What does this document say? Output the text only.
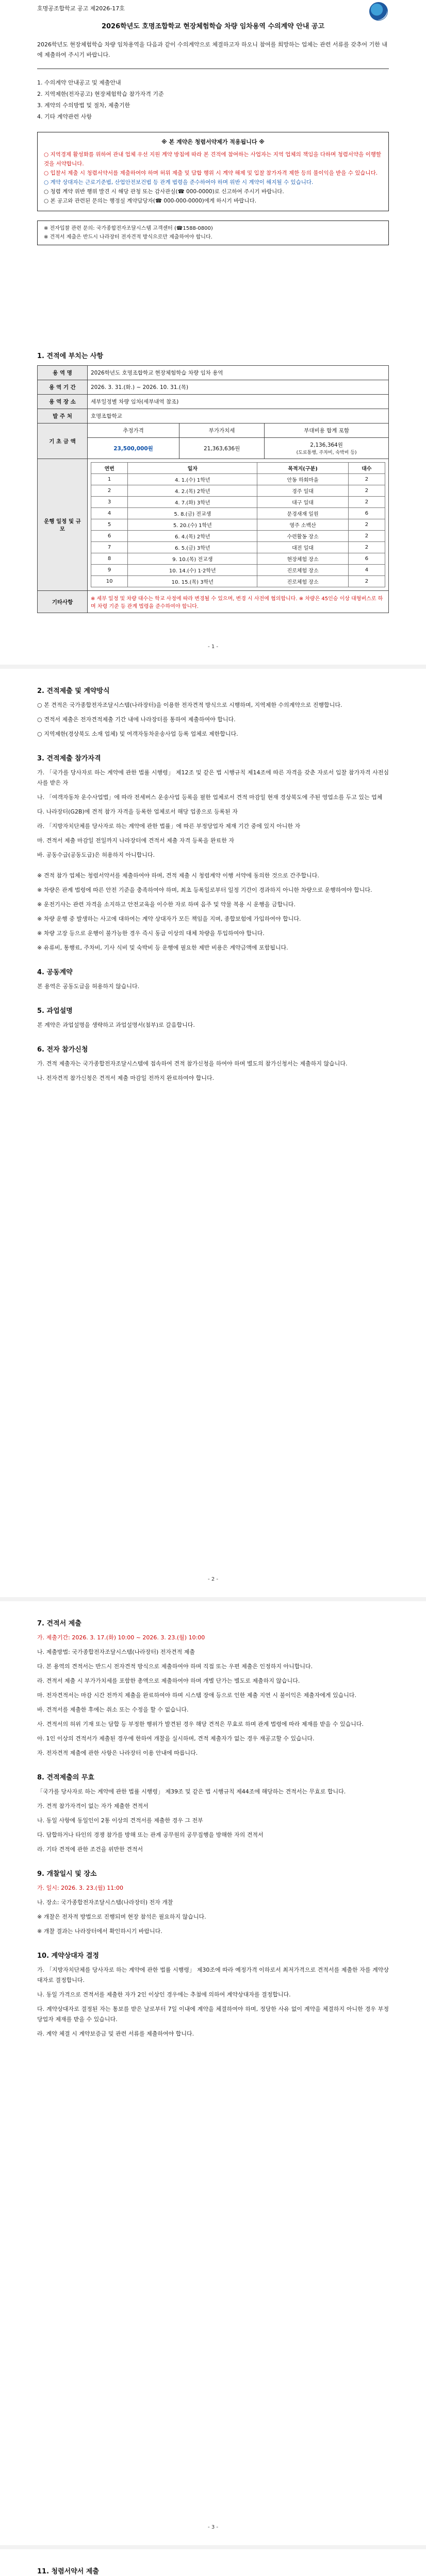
호명공조합학교 공고 제2026-17호
2026학년도 호명조합학교 현장체험학습 차량 임차용역 수의계약 안내 공고
2026학년도 현장체험학습 차량 임차용역을 다음과 같이 수의계약으로 체결하고자 하오니 참여를 희망하는 업체는 관련 서류를 갖추어 기한 내에 제출하여 주시기 바랍니다.
1. 수의계약 안내공고 및 제출안내
2. 지역제한(전자공고) 현장체험학습 참가자격 기준
3. 계약의 수의방법 및 절차, 제출기한
4. 기타 계약관련 사항
※ 본 계약은 청렴서약제가 적용됩니다 ※
○ 지역경제 활성화를 위하여 관내 업체 우선 지원 계약 방침에 따라 본 견적에 참여하는 사업자는 지역 업체의 책임을 다하며 청렴서약을 이행할 것을 서약합니다.
○ 입찰서 제출 시 청렴서약서를 제출하여야 하며 허위 제출 및 담합 행위 시 계약 해제 및 입찰 참가자격 제한 등의 불이익을 받을 수 있습니다.
○ 계약 상대자는 근로기준법, 산업안전보건법 등 관계 법령을 준수하여야 하며 위반 시 계약이 해지될 수 있습니다.
○ 청렴 계약 위반 행위 발견 시 해당 관청 또는 감사관실(☎ 000-0000)로 신고하여 주시기 바랍니다.
○ 본 공고와 관련된 문의는 행정실 계약담당자(☎ 000-000-0000)에게 하시기 바랍니다.
※ 전자입찰 관련 문의: 국가종합전자조달시스템 고객센터 (☎1588-0800)
※ 견적서 제출은 반드시 나라장터 전자견적 방식으로만 제출하여야 합니다.
1. 견적에 부치는 사항
용 역 명	2026학년도 호명조합학교 현장체험학습 차량 임차 용역
용 역 기 간	2026. 3. 31.(화.) ~ 2026. 10. 31.(목)
용 역 장 소	세부일정별 차량 임차(세부내역 참조)
발 주 처	호명조합학교
기 초 금 액	추정가격	부가가치세	부대비용 합계 포함
23,500,000원	21,363,636원	2,136,364원
(도로통행, 주차비, 숙박비 등)
운행 일정 및 규 모	
연번	일자	목적지(구분)	대수
1	4. 1.(수) 1학년	안동 하회마을	2
2	4. 2.(목) 2학년	경주 일대	2
3	4. 7.(화) 3학년	대구 일대	2
4	5. 8.(금) 전교생	문경새재 일원	6
5	5. 20.(수) 1학년	영주 소백산	2
6	6. 4.(목) 2학년	수련활동 장소	2
7	6. 5.(금) 3학년	대전 일대	2
8	9. 10.(목) 전교생	현장체험 장소	6
9	10. 14.(수) 1·2학년	진로체험 장소	4
10	10. 15.(목) 3학년	진로체험 장소	2

기타사항	※ 세부 일정 및 차량 대수는 학교 사정에 따라 변경될 수 있으며, 변경 시 사전에 협의합니다. ※ 차량은 45인승 이상 대형버스로 하며 차령 기준 등 관계 법령을 준수하여야 합니다.
- 1 -
2. 견적제출 및 계약방식

○ 본 견적은 국가종합전자조달시스템(나라장터)을 이용한 전자견적 방식으로 시행하며, 지역제한 수의계약으로 진행합니다.

○ 견적서 제출은 전자견적제출 기간 내에 나라장터를 통하여 제출하여야 합니다.

○ 지역제한(경상북도 소재 업체) 및 여객자동차운송사업 등록 업체로 제한합니다.

3. 견적제출 참가자격

가. 「국가를 당사자로 하는 계약에 관한 법률 시행령」 제12조 및 같은 법 시행규칙 제14조에 따른 자격을 갖춘 자로서 입찰 참가자격 사전심사를 받은 자

나. 「여객자동차 운수사업법」에 따라 전세버스 운송사업 등록을 필한 업체로서 견적 마감일 현재 경상북도에 주된 영업소를 두고 있는 업체

다. 나라장터(G2B)에 견적 참가 자격을 등록한 업체로서 해당 업종으로 등록된 자

라. 「지방자치단체를 당사자로 하는 계약에 관한 법률」에 따른 부정당업자 제재 기간 중에 있지 아니한 자

마. 견적서 제출 마감일 전일까지 나라장터에 견적서 제출 자격 등록을 완료한 자

바. 공동수급(공동도급)은 허용하지 아니합니다.

※ 견적 참가 업체는 청렴서약서를 제출하여야 하며, 견적 제출 시 청렴계약 이행 서약에 동의한 것으로 간주합니다.

※ 차량은 관계 법령에 따른 안전 기준을 충족하여야 하며, 최초 등록일로부터 일정 기간이 경과하지 아니한 차량으로 운행하여야 합니다.

※ 운전기사는 관련 자격을 소지하고 안전교육을 이수한 자로 하며 음주 및 약물 복용 시 운행을 금합니다.

※ 차량 운행 중 발생하는 사고에 대하여는 계약 상대자가 모든 책임을 지며, 종합보험에 가입하여야 합니다.

※ 차량 고장 등으로 운행이 불가능한 경우 즉시 동급 이상의 대체 차량을 투입하여야 합니다.

※ 유류비, 통행료, 주차비, 기사 식비 및 숙박비 등 운행에 필요한 제반 비용은 계약금액에 포함됩니다.

4. 공동계약
본 용역은 공동도급을 허용하지 않습니다.
5. 과업설명
본 계약은 과업설명을 생략하고 과업설명서(첨부)로 갈음합니다.
6. 전자 참가신청

가. 견적 제출자는 국가종합전자조달시스템에 접속하여 견적 참가신청을 하여야 하며 별도의 참가신청서는 제출하지 않습니다.

나. 전자견적 참가신청은 견적서 제출 마감일 전까지 완료하여야 합니다.

- 2 -
7. 견적서 제출

가. 제출기간: 2026. 3. 17.(화) 10:00 ~ 2026. 3. 23.(월) 10:00

나. 제출방법: 국가종합전자조달시스템(나라장터) 전자견적 제출

다. 본 용역의 견적서는 반드시 전자견적 방식으로 제출하여야 하며 직접 또는 우편 제출은 인정하지 아니합니다.

라. 견적서 제출 시 부가가치세를 포함한 총액으로 제출하여야 하며 개별 단가는 별도로 제출하지 않습니다.

마. 전자견적서는 마감 시간 전까지 제출을 완료하여야 하며 시스템 장애 등으로 인한 제출 지연 시 불이익은 제출자에게 있습니다.

바. 견적서를 제출한 후에는 취소 또는 수정을 할 수 없습니다.

사. 견적서의 허위 기재 또는 담합 등 부정한 행위가 발견된 경우 해당 견적은 무효로 하며 관계 법령에 따라 제재를 받을 수 있습니다.

아. 1인 이상의 견적서가 제출된 경우에 한하여 개찰을 실시하며, 견적 제출자가 없는 경우 재공고할 수 있습니다.

자. 전자견적 제출에 관한 사항은 나라장터 이용 안내에 따릅니다.

8. 견적제출의 무효

「국가를 당사자로 하는 계약에 관한 법률 시행령」 제39조 및 같은 법 시행규칙 제44조에 해당하는 견적서는 무효로 합니다.

가. 견적 참가자격이 없는 자가 제출한 견적서

나. 동일 사항에 동일인이 2통 이상의 견적서를 제출한 경우 그 전부

다. 담합하거나 타인의 경쟁 참가를 방해 또는 관계 공무원의 공무집행을 방해한 자의 견적서

라. 기타 견적에 관한 조건을 위반한 견적서

9. 개찰일시 및 장소

가. 일시: 2026. 3. 23.(월) 11:00

나. 장소: 국가종합전자조달시스템(나라장터) 전자 개찰

※ 개찰은 전자적 방법으로 진행되며 현장 참석은 필요하지 않습니다.

※ 개찰 결과는 나라장터에서 확인하시기 바랍니다.

10. 계약상대자 결정

가. 「지방자치단체를 당사자로 하는 계약에 관한 법률 시행령」 제30조에 따라 예정가격 이하로서 최저가격으로 견적서를 제출한 자를 계약상대자로 결정합니다.

나. 동일 가격으로 견적서를 제출한 자가 2인 이상인 경우에는 추첨에 의하여 계약상대자를 결정합니다.

다. 계약상대자로 결정된 자는 통보를 받은 날로부터 7일 이내에 계약을 체결하여야 하며, 정당한 사유 없이 계약을 체결하지 아니한 경우 부정당업자 제재를 받을 수 있습니다.

라. 계약 체결 시 계약보증금 및 관련 서류를 제출하여야 합니다.

- 3 -
11. 청렴서약서 제출
